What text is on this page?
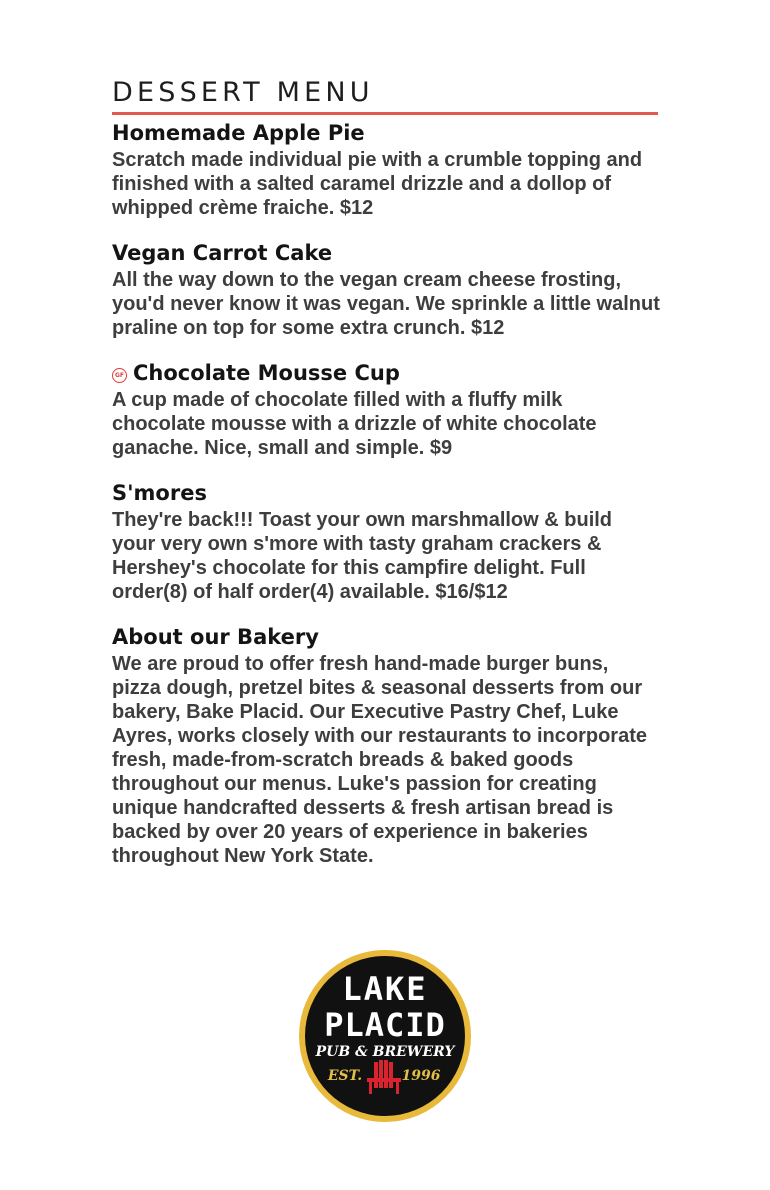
DESSERT MENU
Homemade Apple Pie
Scratch made individual pie with a crumble topping and finished with a salted caramel drizzle and a dollop of whipped crème fraiche. $12
Vegan Carrot Cake
All the way down to the vegan cream cheese frosting, you'd never know it was vegan. We sprinkle a little walnut praline on top for some extra crunch. $12
GF Chocolate Mousse Cup
A cup made of chocolate filled with a fluffy milk chocolate mousse with a drizzle of white chocolate ganache. Nice, small and simple. $9
S'mores
They're back!!! Toast your own marshmallow & build your very own s'more with tasty graham crackers & Hershey's chocolate for this campfire delight. Full order(8) of half order(4) available. $16/$12
About our Bakery
We are proud to offer fresh hand-made burger buns, pizza dough, pretzel bites & seasonal desserts from our bakery, Bake Placid. Our Executive Pastry Chef, Luke Ayres, works closely with our restaurants to incorporate fresh, made-from-scratch breads & baked goods throughout our menus. Luke's passion for creating unique handcrafted desserts & fresh artisan bread is backed by over 20 years of experience in bakeries throughout New York State.
LAKE
PLACID
PUB & BREWERY
EST.	1996
